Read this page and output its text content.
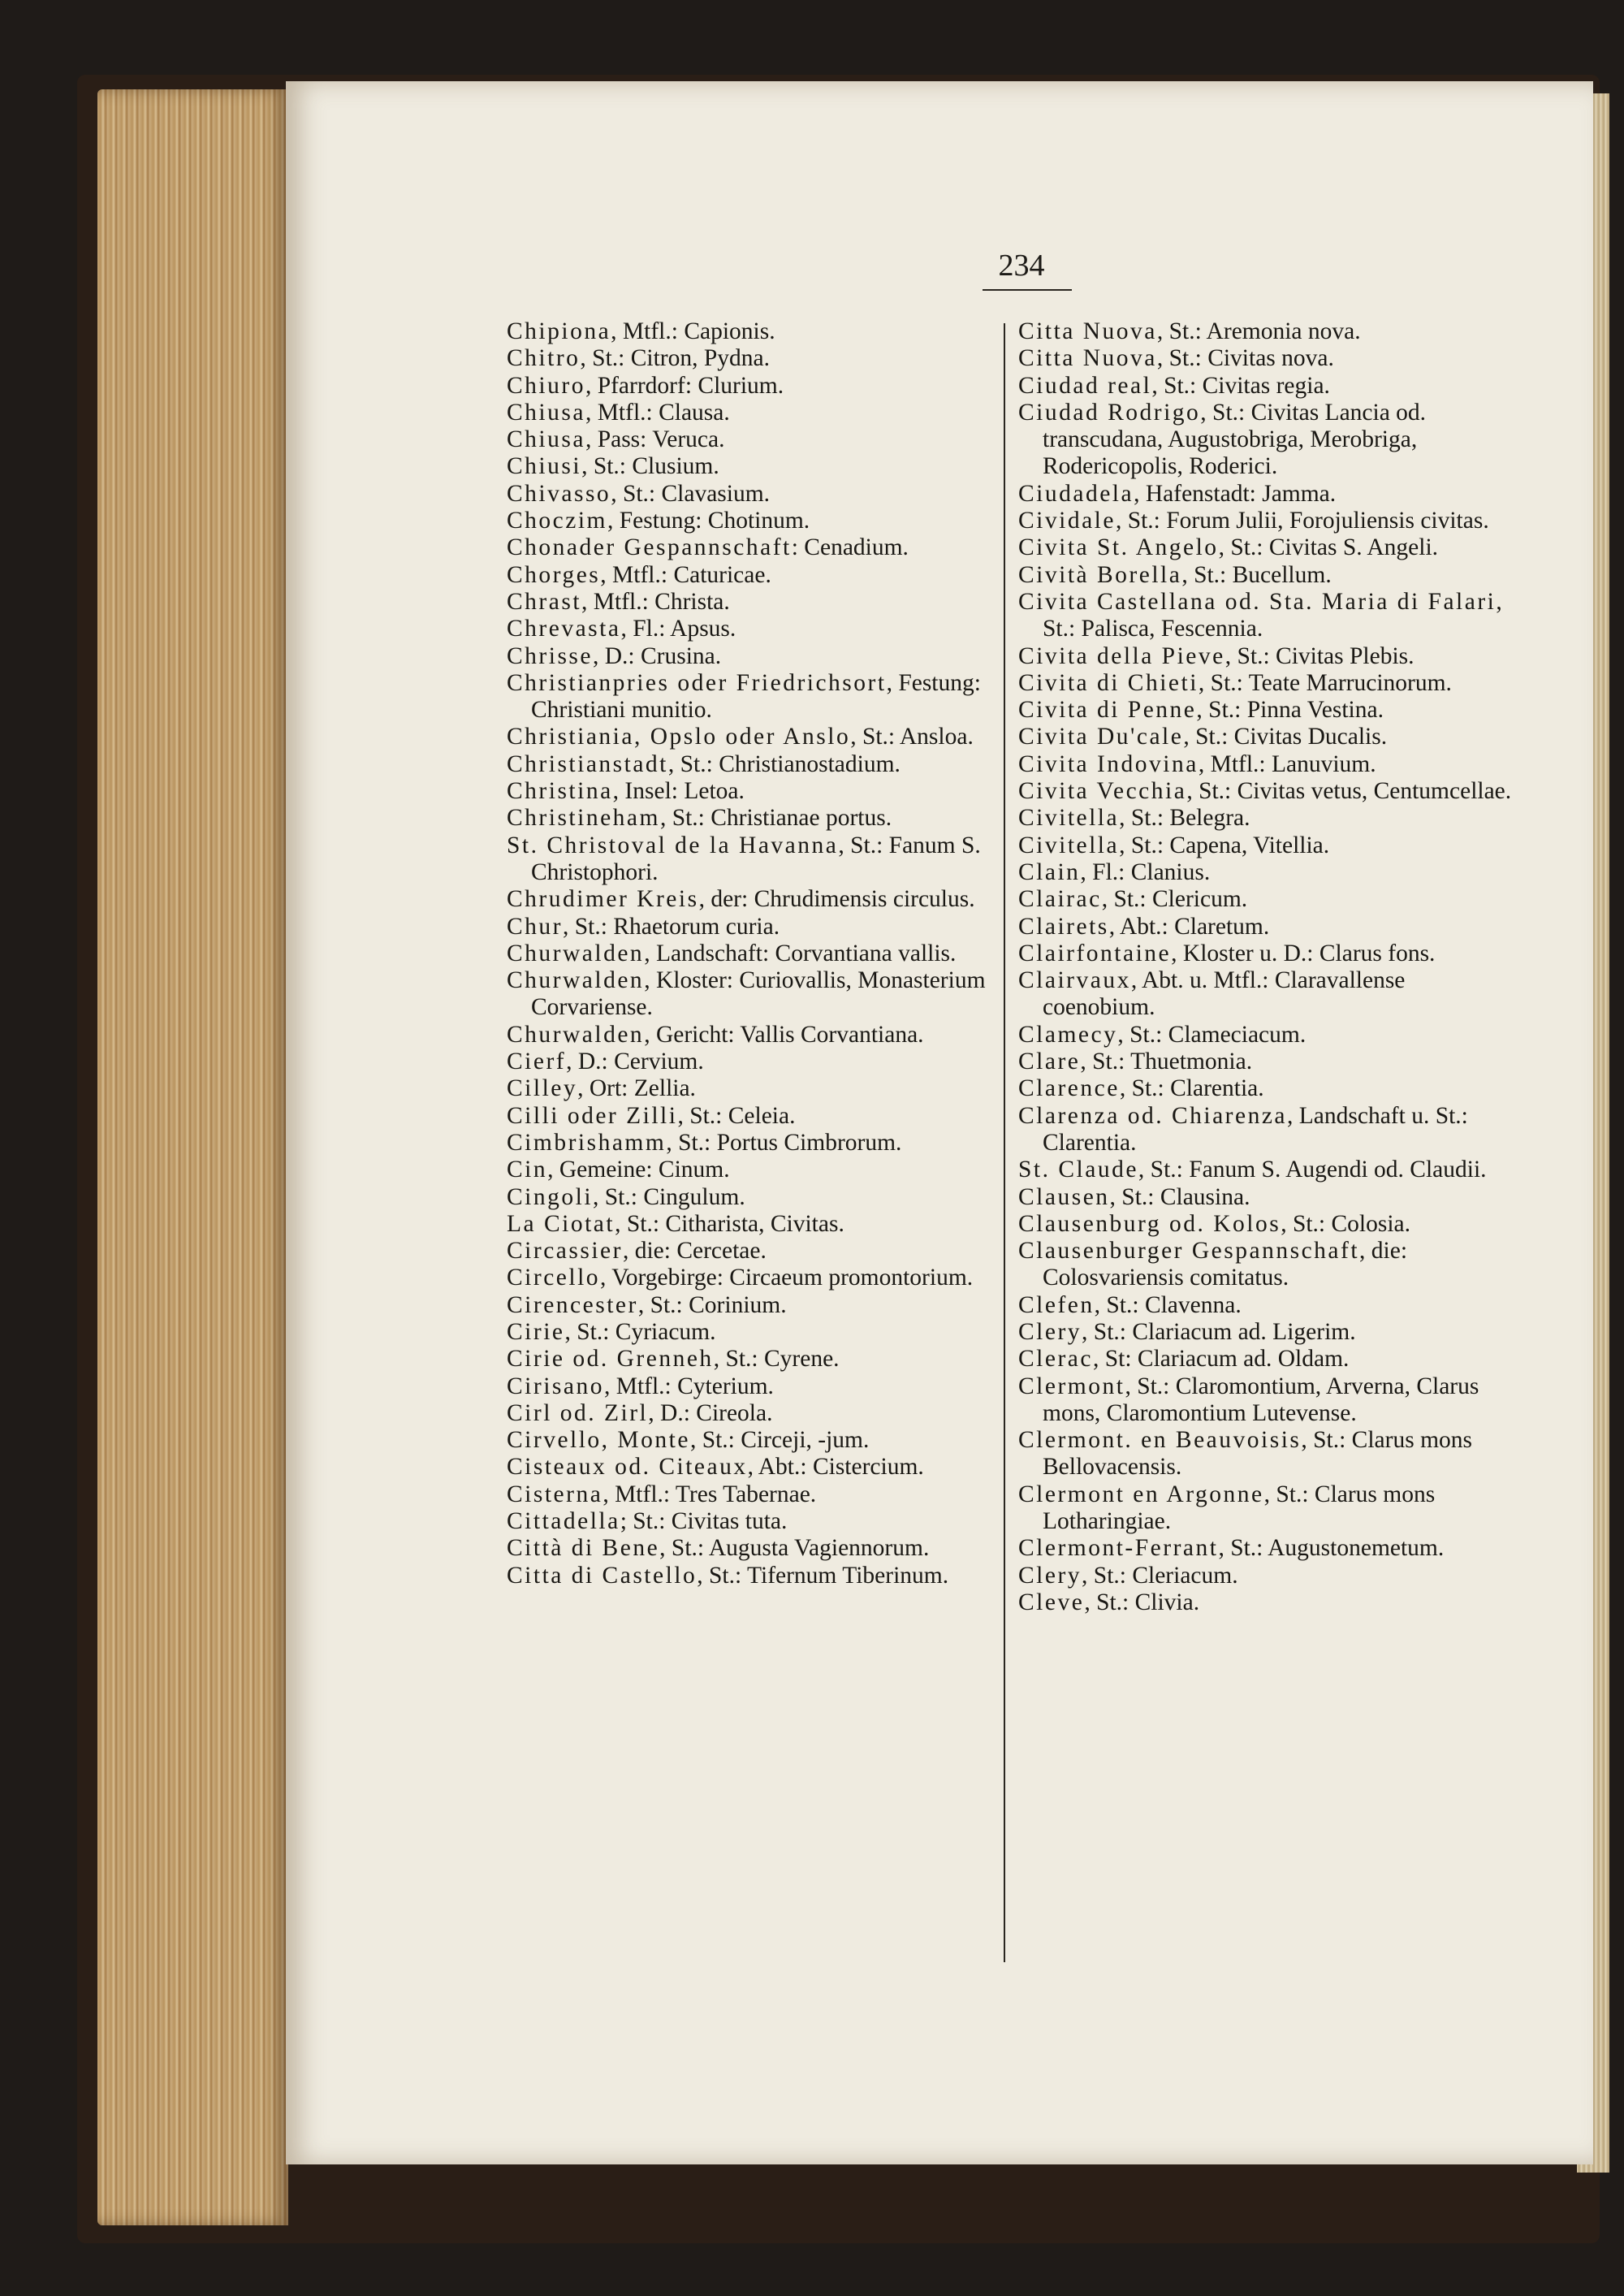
234
Chipiona, Mtfl.: Capionis.
Chitro, St.: Citron, Pydna.
Chiuro, Pfarrdorf: Clurium.
Chiusa, Mtfl.: Clausa.
Chiusa, Pass: Veruca.
Chiusi, St.: Clusium.
Chivasso, St.: Clavasium.
Choczim, Festung: Chotinum.
Chonader Gespannschaft: Cenadium.
Chorges, Mtfl.: Caturicae.
Chrast, Mtfl.: Christa.
Chrevasta, Fl.: Apsus.
Chrisse, D.: Crusina.
Christianpries oder Friedrichsort, Festung: Christiani munitio.
Christiania, Opslo oder Anslo, St.: Ansloa.
Christianstadt, St.: Christianostadium.
Christina, Insel: Letoa.
Christineham, St.: Christianae portus.
St. Christoval de la Havanna, St.: Fanum S. Christophori.
Chrudimer Kreis, der: Chrudimensis circulus.
Chur, St.: Rhaetorum curia.
Churwalden, Landschaft: Corvantiana vallis.
Churwalden, Kloster: Curiovallis, Monasterium Corvariense.
Churwalden, Gericht: Vallis Corvantiana.
Cierf, D.: Cervium.
Cilley, Ort: Zellia.
Cilli oder Zilli, St.: Celeia.
Cimbrishamm, St.: Portus Cimbrorum.
Cin, Gemeine: Cinum.
Cingoli, St.: Cingulum.
La Ciotat, St.: Citharista, Civitas.
Circassier, die: Cercetae.
Circello, Vorgebirge: Circaeum promontorium.
Cirencester, St.: Corinium.
Cirie, St.: Cyriacum.
Cirie od. Grenneh, St.: Cyrene.
Cirisano, Mtfl.: Cyterium.
Cirl od. Zirl, D.: Cireola.
Cirvello, Monte, St.: Circeji, -jum.
Cisteaux od. Citeaux, Abt.: Cistercium.
Cisterna, Mtfl.: Tres Tabernae.
Cittadella; St.: Civitas tuta.
Città di Bene, St.: Augusta Vagiennorum.
Citta di Castello, St.: Tifernum Tiberinum.
Citta Nuova, St.: Aremonia nova.
Citta Nuova, St.: Civitas nova.
Ciudad real, St.: Civitas regia.
Ciudad Rodrigo, St.: Civitas Lancia od. transcudana, Augustobriga, Merobriga, Rodericopolis, Roderici.
Ciudadela, Hafenstadt: Jamma.
Cividale, St.: Forum Julii, Forojuliensis civitas.
Civita St. Angelo, St.: Civitas S. Angeli.
Cività Borella, St.: Bucellum.
Civita Castellana od. Sta. Maria di Falari, St.: Palisca, Fescennia.
Civita della Pieve, St.: Civitas Plebis.
Civita di Chieti, St.: Teate Marrucinorum.
Civita di Penne, St.: Pinna Vestina.
Civita Du'cale, St.: Civitas Ducalis.
Civita Indovina, Mtfl.: Lanuvium.
Civita Vecchia, St.: Civitas vetus, Centumcellae.
Civitella, St.: Belegra.
Civitella, St.: Capena, Vitellia.
Clain, Fl.: Clanius.
Clairac, St.: Clericum.
Clairets, Abt.: Claretum.
Clairfontaine, Kloster u. D.: Clarus fons.
Clairvaux, Abt. u. Mtfl.: Claravallense coenobium.
Clamecy, St.: Clameciacum.
Clare, St.: Thuetmonia.
Clarence, St.: Clarentia.
Clarenza od. Chiarenza, Landschaft u. St.: Clarentia.
St. Claude, St.: Fanum S. Augendi od. Claudii.
Clausen, St.: Clausina.
Clausenburg od. Kolos, St.: Colosia.
Clausenburger Gespannschaft, die: Colosvariensis comitatus.
Clefen, St.: Clavenna.
Clery, St.: Clariacum ad. Ligerim.
Clerac, St: Clariacum ad. Oldam.
Clermont, St.: Claromontium, Arverna, Clarus mons, Claromontium Lutevense.
Clermont. en Beauvoisis, St.: Clarus mons Bellovacensis.
Clermont en Argonne, St.: Clarus mons Lotharingiae.
Clermont-Ferrant, St.: Augustonemetum.
Clery, St.: Cleriacum.
Cleve, St.: Clivia.
